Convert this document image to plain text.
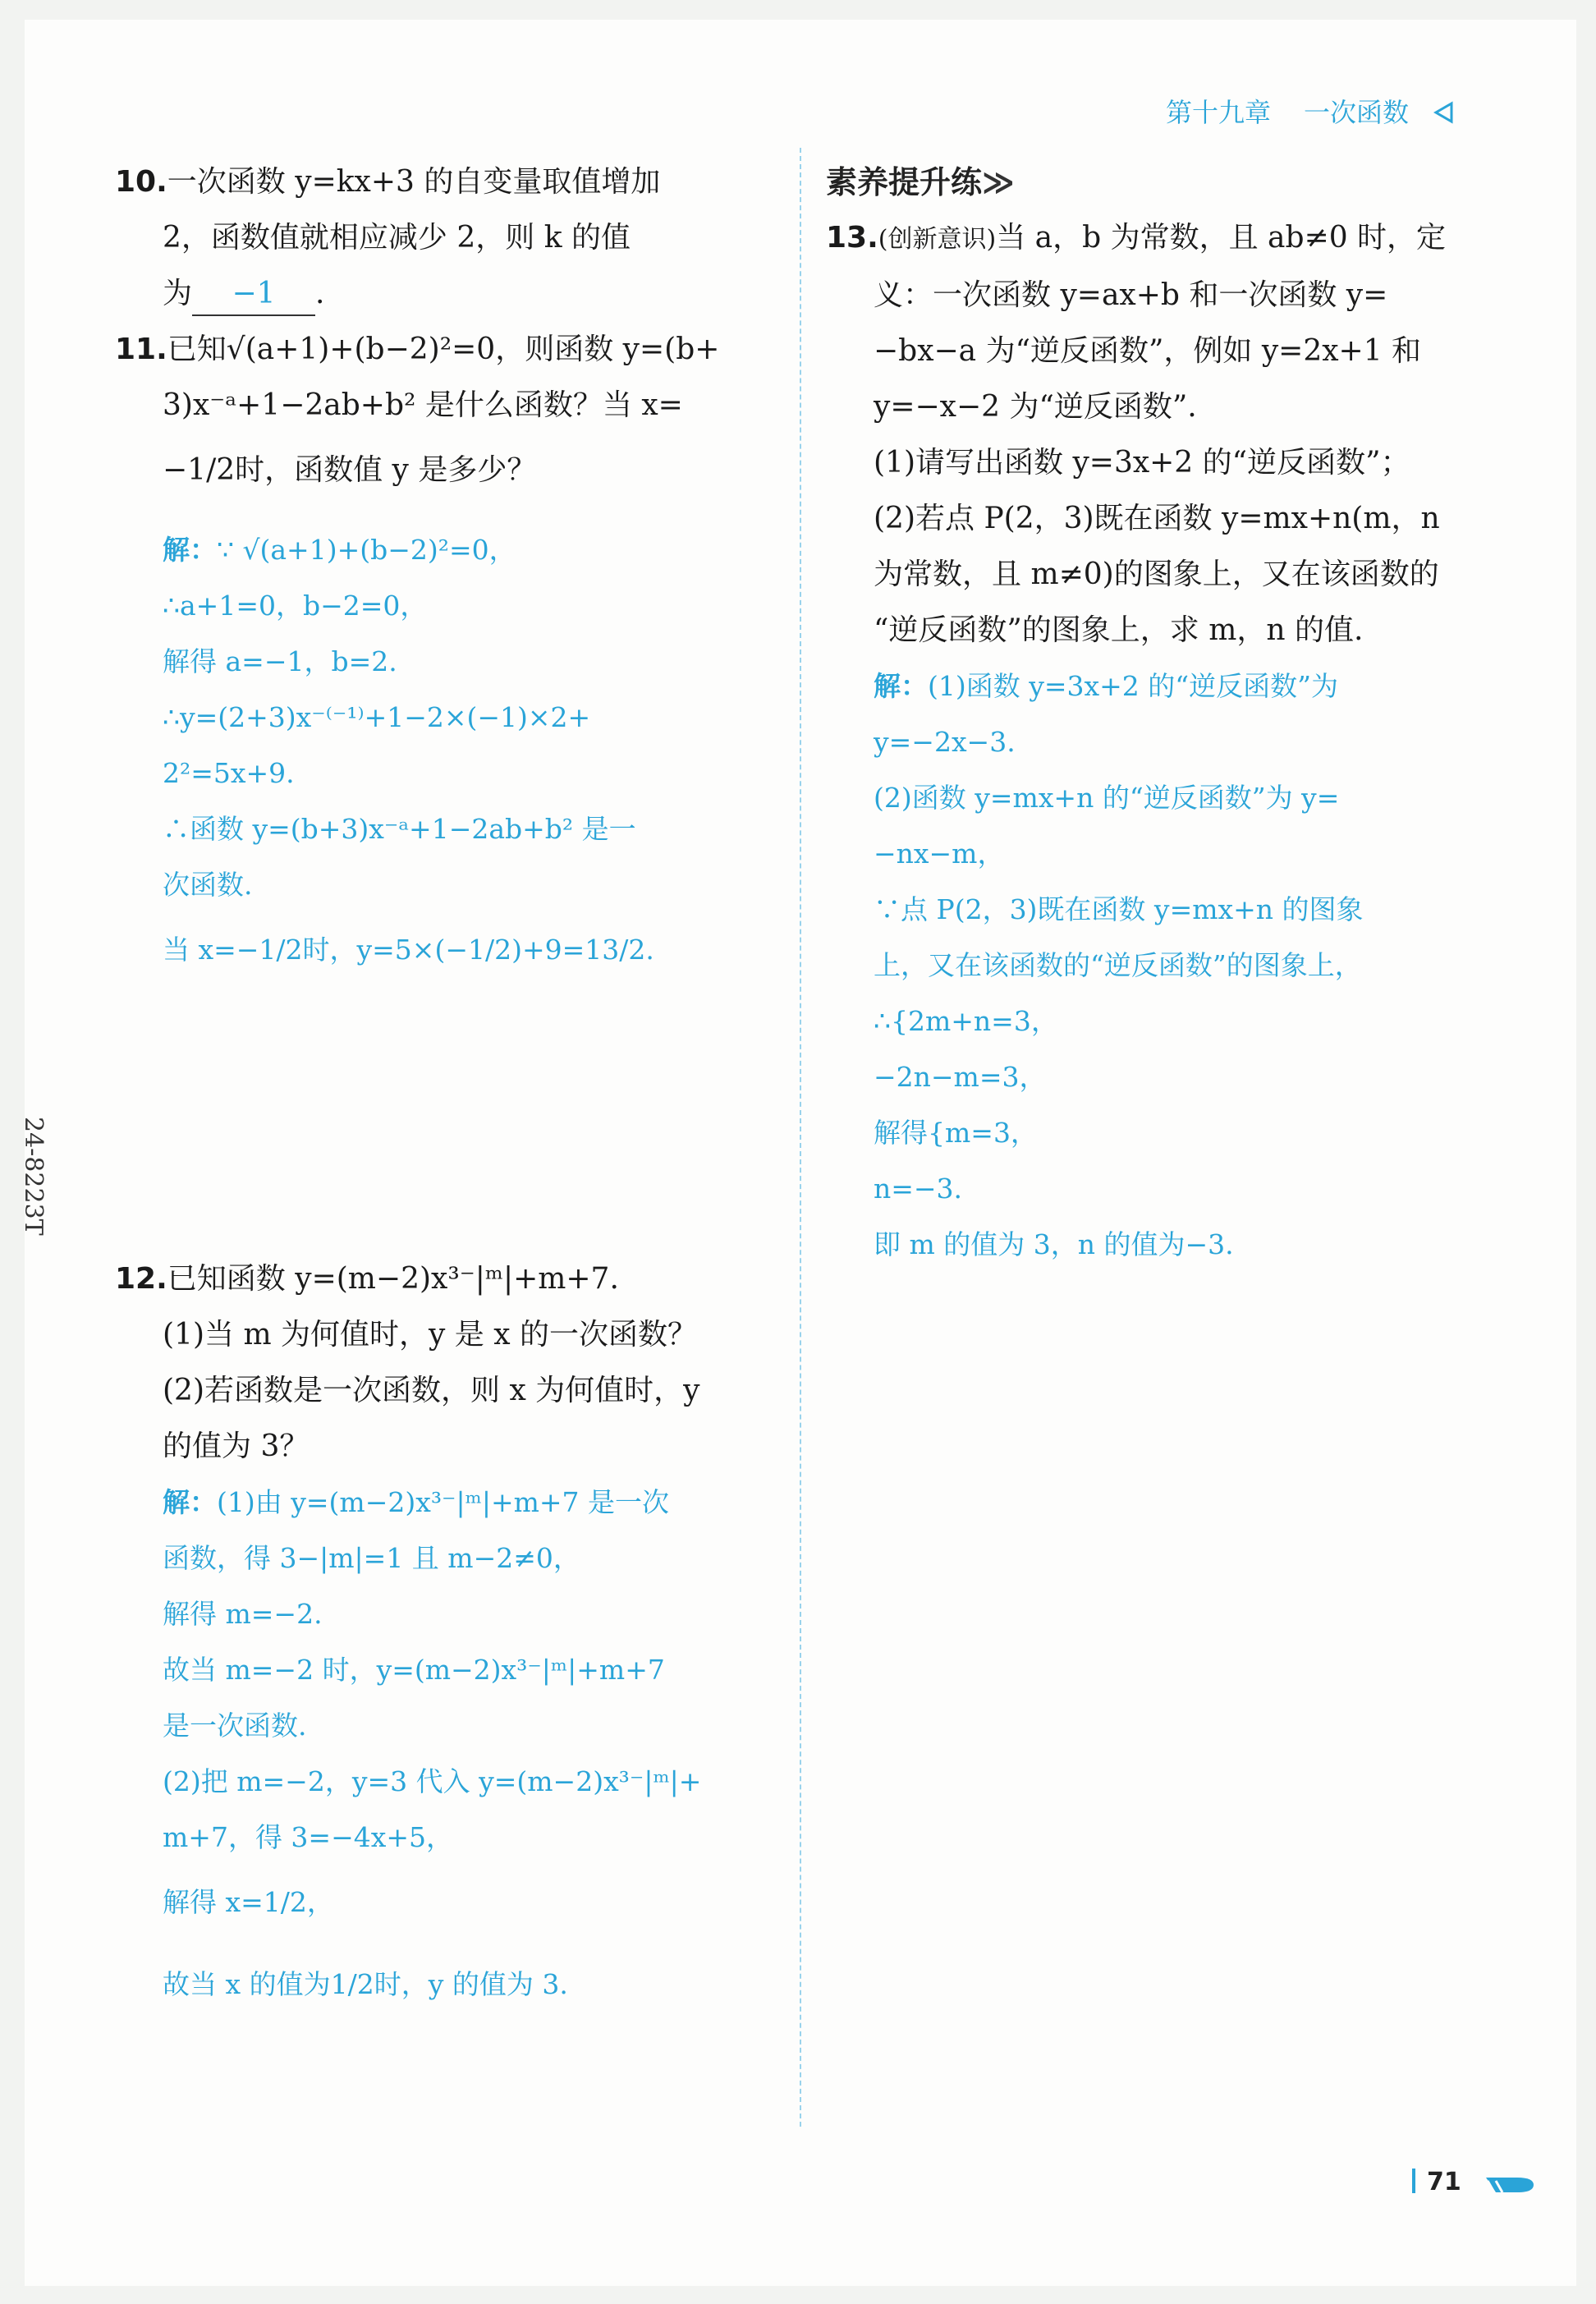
第十九章 一次函数
24-8223T
10.一次函数 y=kx+3 的自变量取值增加
2，函数值就相应减少 2，则 k 的值
为 −1 .
11.已知√(a+1)+(b−2)²=0，则函数 y=(b+
3)x⁻ᵃ+1−2ab+b² 是什么函数？当 x=
−1/2时，函数值 y 是多少？
解：∵ √(a+1)+(b−2)²=0，
∴a+1=0，b−2=0，
解得 a=−1，b=2.
∴y=(2+3)x⁻⁽⁻¹⁾+1−2×(−1)×2+
2²=5x+9.
∴函数 y=(b+3)x⁻ᵃ+1−2ab+b² 是一
次函数.
当 x=−1/2时，y=5×(−1/2)+9=13/2.
12.已知函数 y=(m−2)x³⁻|ᵐ|+m+7.
(1)当 m 为何值时，y 是 x 的一次函数？
(2)若函数是一次函数，则 x 为何值时，y
的值为 3？
解：(1)由 y=(m−2)x³⁻|ᵐ|+m+7 是一次
函数，得 3−|m|=1 且 m−2≠0，
解得 m=−2.
故当 m=−2 时，y=(m−2)x³⁻|ᵐ|+m+7
是一次函数.
(2)把 m=−2，y=3 代入 y=(m−2)x³⁻|ᵐ|+
m+7，得 3=−4x+5，
解得 x=1/2，
故当 x 的值为1/2时，y 的值为 3.
素养提升练≫
13.(创新意识)当 a，b 为常数，且 ab≠0 时，定
义：一次函数 y=ax+b 和一次函数 y=
−bx−a 为“逆反函数”，例如 y=2x+1 和
y=−x−2 为“逆反函数”.
(1)请写出函数 y=3x+2 的“逆反函数”；
(2)若点 P(2，3)既在函数 y=mx+n(m，n
为常数，且 m≠0)的图象上，又在该函数的
“逆反函数”的图象上，求 m，n 的值.
解：(1)函数 y=3x+2 的“逆反函数”为
y=−2x−3.
(2)函数 y=mx+n 的“逆反函数”为 y=
−nx−m，
∵点 P(2，3)既在函数 y=mx+n 的图象
上，又在该函数的“逆反函数”的图象上，
∴{2m+n=3，
−2n−m=3，
解得{m=3，
n=−3.
即 m 的值为 3，n 的值为−3.
71
